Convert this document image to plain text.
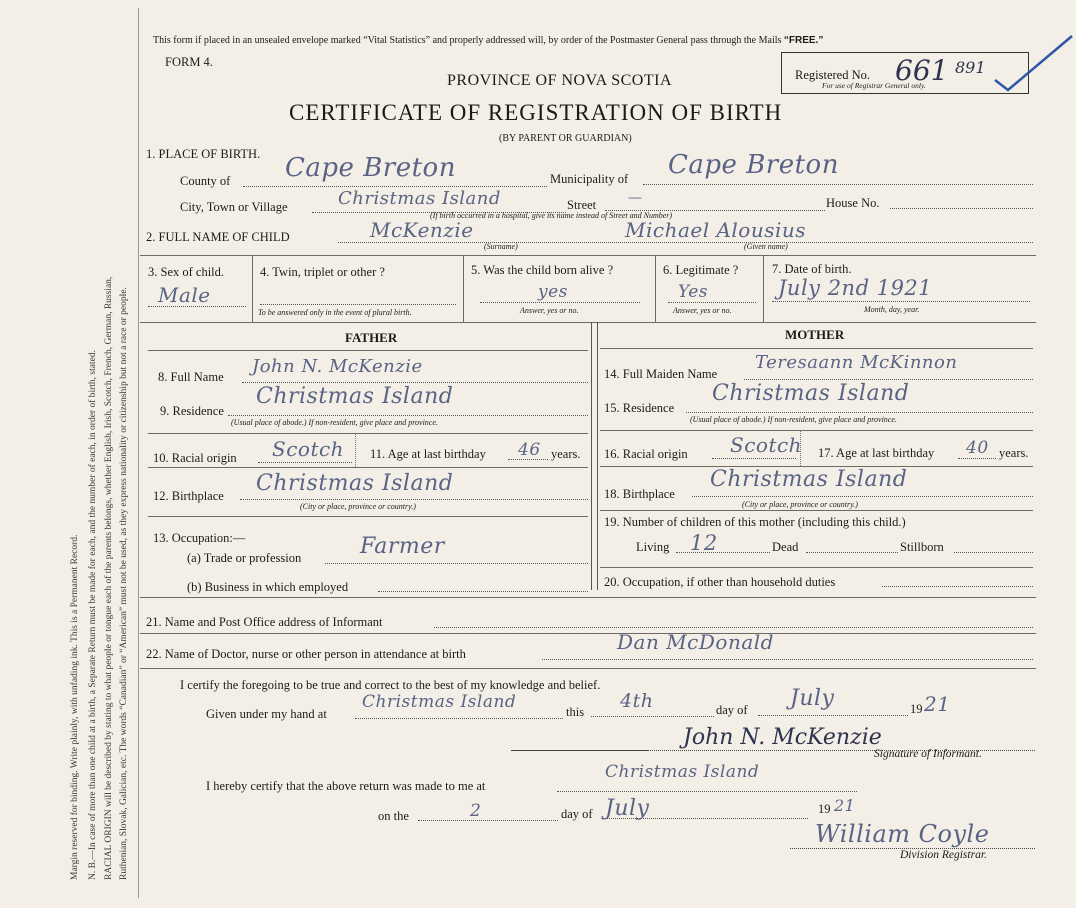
Margin reserved for binding. Write plainly, with unfading ink. This is a Permanent Record. N. B.—In case of more than one child at a birth, a Separate Return must be made for each, and the number of each, in order of birth, stated. RACIAL ORIGIN will be described by stating to what people or tongue each of the parents belongs, whether English, Irish, Scotch, French, German, Russian, Ruthenian, Slovak, Galician, etc. The words “Canadian” or “American” must not be used, as they express nationality or citizenship but not a race or people.
This form if placed in an unsealed envelope marked “Vital Statistics” and properly addressed will, by order of the Postmaster General pass through the Mails “FREE.”
FORM 4.
PROVINCE OF NOVA SCOTIA
CERTIFICATE OF REGISTRATION OF BIRTH
(BY PARENT OR GUARDIAN)
Registered No. 661 891
For use of Registrar General only.
1. PLACE OF BIRTH.
County of Cape Breton	Municipality of Cape Breton
City, Town or Village	Christmas Island	Street —	House No.
(If birth occurred in a hospital, give its name instead of Street and Number)
2. FULL NAME OF CHILD	McKenzie	Michael Alousius
(Surname)	(Given name)
3. Sex of child.
Male
4. Twin, triplet or other ?
To be answered only in the event of plural birth.
5. Was the child born alive ?
yes
Answer, yes or no.
6. Legitimate ?
Yes
Answer, yes or no.
7. Date of birth.
July 2nd 1921
Month, day, year.
FATHER	MOTHER
8. Full Name John N. McKenzie
9. Residence
Christmas Island
(Usual place of abode.) If non-resident, give place and province.
10. Racial origin Scotch 11. Age at last birthday 46 years.
12. Birthplace Christmas Island
(City or place, province or country.)
13. Occupation:—
(a) Trade or profession	Farmer
(b) Business in which employed
14. Full Maiden Name
Teresaann McKinnon
15. Residence
Christmas Island
(Usual place of abode.) If non-resident, give place and province.
16. Racial origin Scotch 17. Age at last birthday 40 years.
18. Birthplace
Christmas Island
(City or place, province or country.)
19. Number of children of this mother (including this child.)
Living 12	Dead	Stillborn
20. Occupation, if other than household duties
21. Name and Post Office address of Informant
22. Name of Doctor, nurse or other person in attendance at birth	Dan McDonald
I certify the foregoing to be true and correct to the best of my knowledge and belief.
Given under my hand at
Christmas Island	this 4th	day of July	19 21
John N. McKenzie
Signature of Informant.
I hereby certify that the above return was made to me at
Christmas Island
on the	2	day of July	19 21
William Coyle
Division Registrar.
